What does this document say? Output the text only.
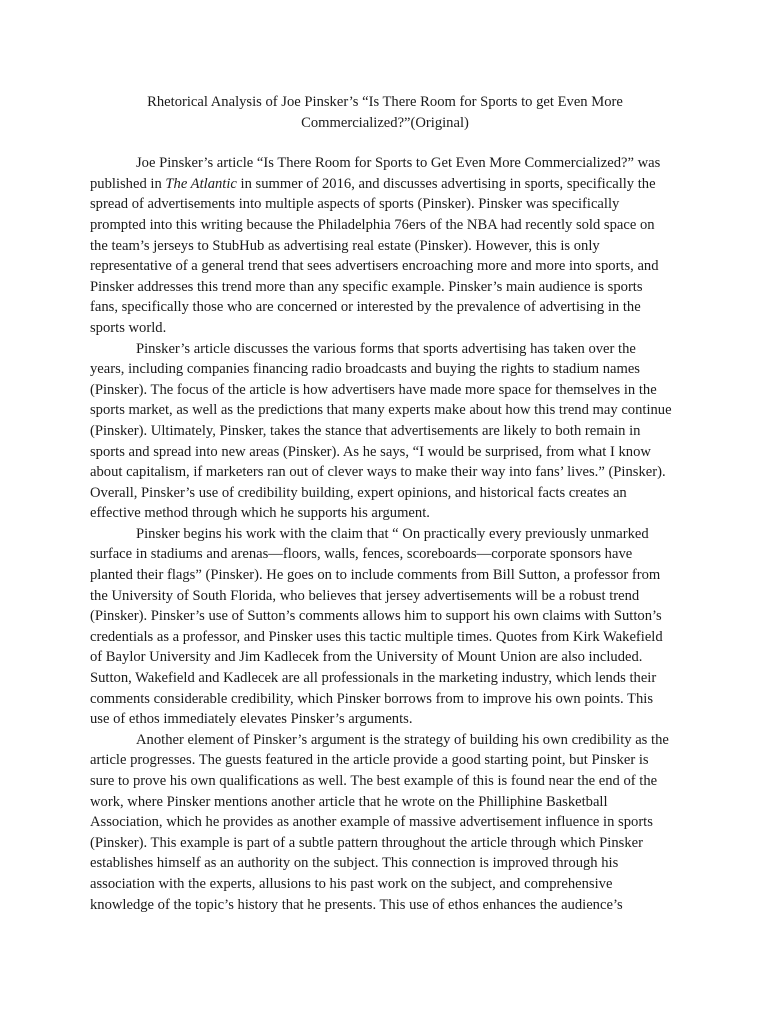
Rhetorical Analysis of Joe Pinsker’s “Is There Room for Sports to get Even More Commercialized?”(Original)

Joe Pinsker’s article “Is There Room for Sports to Get Even More Commercialized?” was published in The Atlantic in summer of 2016, and discusses advertising in sports, specifically the spread of advertisements into multiple aspects of sports (Pinsker). Pinsker was specifically prompted into this writing because the Philadelphia 76ers of the NBA had recently sold space on the team’s jerseys to StubHub as advertising real estate (Pinsker). However, this is only representative of a general trend that sees advertisers encroaching more and more into sports, and Pinsker addresses this trend more than any specific example. Pinsker’s main audience is sports fans, specifically those who are concerned or interested by the prevalence of advertising in the sports world.

Pinsker’s article discusses the various forms that sports advertising has taken over the years, including companies financing radio broadcasts and buying the rights to stadium names (Pinsker). The focus of the article is how advertisers have made more space for themselves in the sports market, as well as the predictions that many experts make about how this trend may continue (Pinsker). Ultimately, Pinsker, takes the stance that advertisements are likely to both remain in sports and spread into new areas (Pinsker). As he says, “I would be surprised, from what I know about capitalism, if marketers ran out of clever ways to make their way into fans’ lives.” (Pinsker). Overall, Pinsker’s use of credibility building, expert opinions, and historical facts creates an effective method through which he supports his argument.

Pinsker begins his work with the claim that “ On practically every previously unmarked surface in stadiums and arenas—floors, walls, fences, scoreboards—corporate sponsors have planted their flags” (Pinsker). He goes on to include comments from Bill Sutton, a professor from the University of South Florida, who believes that jersey advertisements will be a robust trend (Pinsker). Pinsker’s use of Sutton’s comments allows him to support his own claims with Sutton’s credentials as a professor, and Pinsker uses this tactic multiple times. Quotes from Kirk Wakefield of Baylor University and Jim Kadlecek from the University of Mount Union are also included. Sutton, Wakefield and Kadlecek are all professionals in the marketing industry, which lends their comments considerable credibility, which Pinsker borrows from to improve his own points. This use of ethos immediately elevates Pinsker’s arguments.

Another element of Pinsker’s argument is the strategy of building his own credibility as the article progresses. The guests featured in the article provide a good starting point, but Pinsker is sure to prove his own qualifications as well. The best example of this is found near the end of the work, where Pinsker mentions another article that he wrote on the Philliphine Basketball Association, which he provides as another example of massive advertisement influence in sports (Pinsker). This example is part of a subtle pattern throughout the article through which Pinsker establishes himself as an authority on the subject. This connection is improved through his association with the experts, allusions to his past work on the subject, and comprehensive knowledge of the topic’s history that he presents. This use of ethos enhances the audience’s
